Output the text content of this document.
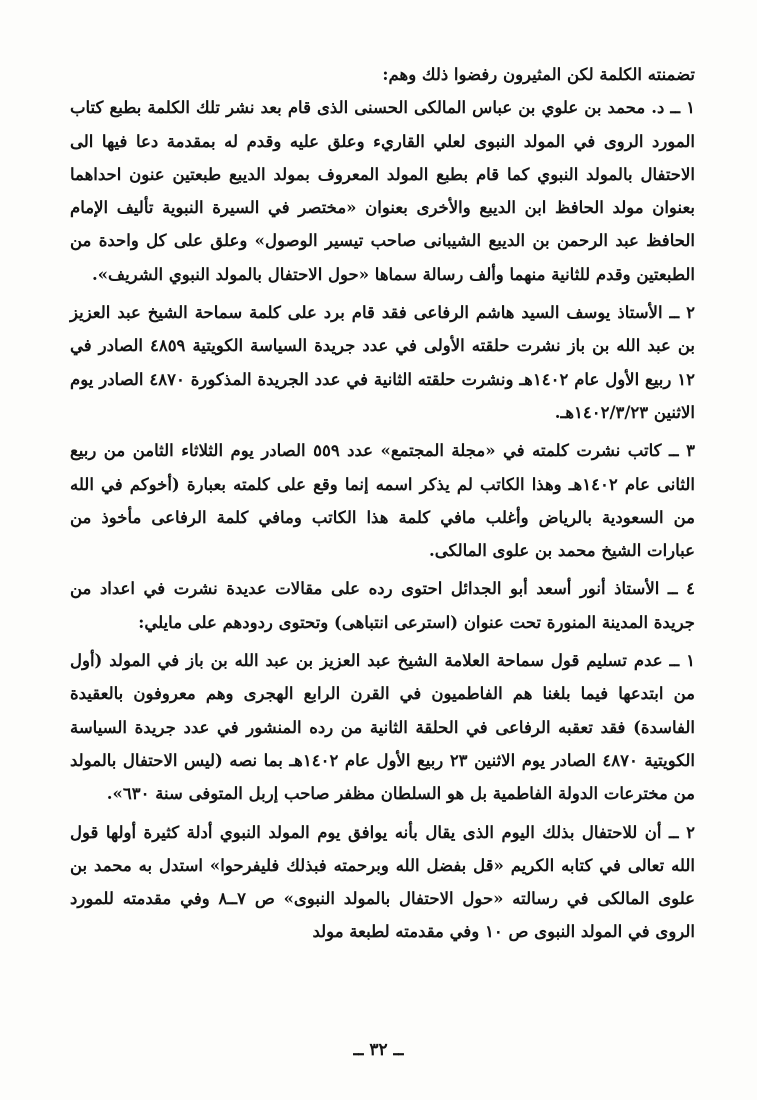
تضمنته الكلمة لكن المثيرون رفضوا ذلك وهم:

١ ــ د. محمد بن علوي بن عباس المالكى الحسنى الذى قام بعد نشر تلك الكلمة بطبع كتاب المورد الروى في المولد النبوى لعلي القاريء وعلق عليه وقدم له بمقدمة دعا فيها الى الاحتفال بالمولد النبوي كما قام بطبع المولد المعروف بمولد الديبع طبعتين عنون احداهما بعنوان مولد الحافظ ابن الديبع والأخرى بعنوان «مختصر في السيرة النبوية تأليف الإمام الحافظ عبد الرحمن بن الديبع الشيبانى صاحب تيسير الوصول» وعلق على كل واحدة من الطبعتين وقدم للثانية منهما وألف رسالة سماها «حول الاحتفال بالمولد النبوي الشريف».

٢ ــ الأستاذ يوسف السيد هاشم الرفاعى فقد قام برد على كلمة سماحة الشيخ عبد العزيز بن عبد الله بن باز نشرت حلقته الأولى في عدد جريدة السياسة الكويتية ٤٨٥٩ الصادر في ١٢ ربيع الأول عام ١٤٠٢هـ ونشرت حلقته الثانية في عدد الجريدة المذكورة ٤٨٧٠ الصادر يوم الاثنين ١٤٠٢/٣/٢٣هـ.

٣ ــ كاتب نشرت كلمته في «مجلة المجتمع» عدد ٥٥٩ الصادر يوم الثلاثاء الثامن من ربيع الثانى عام ١٤٠٢هـ وهذا الكاتب لم يذكر اسمه إنما وقع على كلمته بعبارة (أخوكم في الله من السعودية بالرياض وأغلب مافي كلمة هذا الكاتب ومافي كلمة الرفاعى مأخوذ من عبارات الشيخ محمد بن علوى المالكى.

٤ ــ الأستاذ أنور أسعد أبو الجدائل احتوى رده على مقالات عديدة نشرت في اعداد من جريدة المدينة المنورة تحت عنوان (استرعى انتباهى) وتحتوى ردودهم على مايلي:

١ ــ عدم تسليم قول سماحة العلامة الشيخ عبد العزيز بن عبد الله بن باز في المولد (أول من ابتدعها فيما بلغنا هم الفاطميون في القرن الرابع الهجرى وهم معروفون بالعقيدة الفاسدة) فقد تعقبه الرفاعى في الحلقة الثانية من رده المنشور في عدد جريدة السياسة الكويتية ٤٨٧٠ الصادر يوم الاثنين ٢٣ ربيع الأول عام ١٤٠٢هـ بما نصه (ليس الاحتفال بالمولد من مخترعات الدولة الفاطمية بل هو السلطان مظفر صاحب إربل المتوفى سنة ٦٣٠».

٢ ــ أن للاحتفال بذلك اليوم الذى يقال بأنه يوافق يوم المولد النبوي أدلة كثيرة أولها قول الله تعالى في كتابه الكريم «قل بفضل الله وبرحمته فبذلك فليفرحوا» استدل به محمد بن علوى المالكى في رسالته «حول الاحتفال بالمولد النبوى» ص ٧ــ٨ وفي مقدمته للمورد الروى في المولد النبوى ص ١٠ وفي مقدمته لطبعة مولد

ــ ٣٢ ــ
